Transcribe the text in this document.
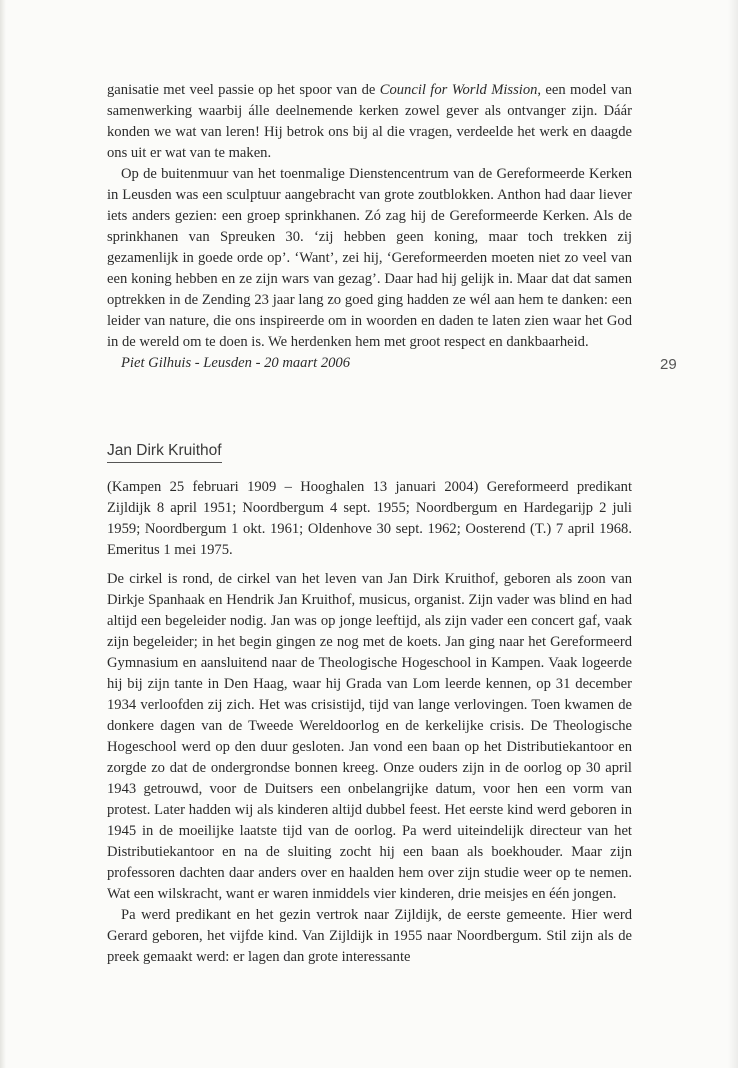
ganisatie met veel passie op het spoor van de Council for World Mission, een model van samenwerking waarbij álle deelnemende kerken zowel gever als ontvanger zijn. Dáár konden we wat van leren! Hij betrok ons bij al die vragen, verdeelde het werk en daagde ons uit er wat van te maken.

Op de buitenmuur van het toenmalige Dienstencentrum van de Gereformeerde Kerken in Leusden was een sculptuur aangebracht van grote zoutblokken. Anthon had daar liever iets anders gezien: een groep sprinkhanen. Zó zag hij de Gereformeerde Kerken. Als de sprinkhanen van Spreuken 30. ‘zij hebben geen koning, maar toch trekken zij gezamenlijk in goede orde op’. ‘Want’, zei hij, ‘Gereformeerden moeten niet zo veel van een koning hebben en ze zijn wars van gezag’. Daar had hij gelijk in. Maar dat dat samen optrekken in de Zending 23 jaar lang zo goed ging hadden ze wél aan hem te danken: een leider van nature, die ons inspireerde om in woorden en daden te laten zien waar het God in de wereld om te doen is. We herdenken hem met groot respect en dankbaarheid.

Piet Gilhuis - Leusden - 20 maart 2006	29
Jan Dirk Kruithof

(Kampen 25 februari 1909 – Hooghalen 13 januari 2004) Gereformeerd predikant Zijldijk 8 april 1951; Noordbergum 4 sept. 1955; Noordbergum en Hardegarijp 2 juli 1959; Noordbergum 1 okt. 1961; Oldenhove 30 sept. 1962; Oosterend (T.) 7 april 1968. Emeritus 1 mei 1975.

De cirkel is rond, de cirkel van het leven van Jan Dirk Kruithof, geboren als zoon van Dirkje Spanhaak en Hendrik Jan Kruithof, musicus, organist. Zijn vader was blind en had altijd een begeleider nodig. Jan was op jonge leeftijd, als zijn vader een concert gaf, vaak zijn begeleider; in het begin gingen ze nog met de koets. Jan ging naar het Gereformeerd Gymnasium en aansluitend naar de Theologische Hogeschool in Kampen. Vaak logeerde hij bij zijn tante in Den Haag, waar hij Grada van Lom leerde kennen, op 31 december 1934 verloofden zij zich. Het was crisistijd, tijd van lange verlovingen. Toen kwamen de donkere dagen van de Tweede Wereldoorlog en de kerkelijke crisis. De Theologische Hogeschool werd op den duur gesloten. Jan vond een baan op het Distributiekantoor en zorgde zo dat de ondergrondse bonnen kreeg. Onze ouders zijn in de oorlog op 30 april 1943 getrouwd, voor de Duitsers een onbelangrijke datum, voor hen een vorm van protest. Later hadden wij als kinderen altijd dubbel feest. Het eerste kind werd geboren in 1945 in de moeilijke laatste tijd van de oorlog. Pa werd uiteindelijk directeur van het Distributiekantoor en na de sluiting zocht hij een baan als boekhouder. Maar zijn professoren dachten daar anders over en haalden hem over zijn studie weer op te nemen. Wat een wilskracht, want er waren inmiddels vier kinderen, drie meisjes en één jongen.

Pa werd predikant en het gezin vertrok naar Zijldijk, de eerste gemeente. Hier werd Gerard geboren, het vijfde kind. Van Zijldijk in 1955 naar Noordbergum. Stil zijn als de preek gemaakt werd: er lagen dan grote interessante
